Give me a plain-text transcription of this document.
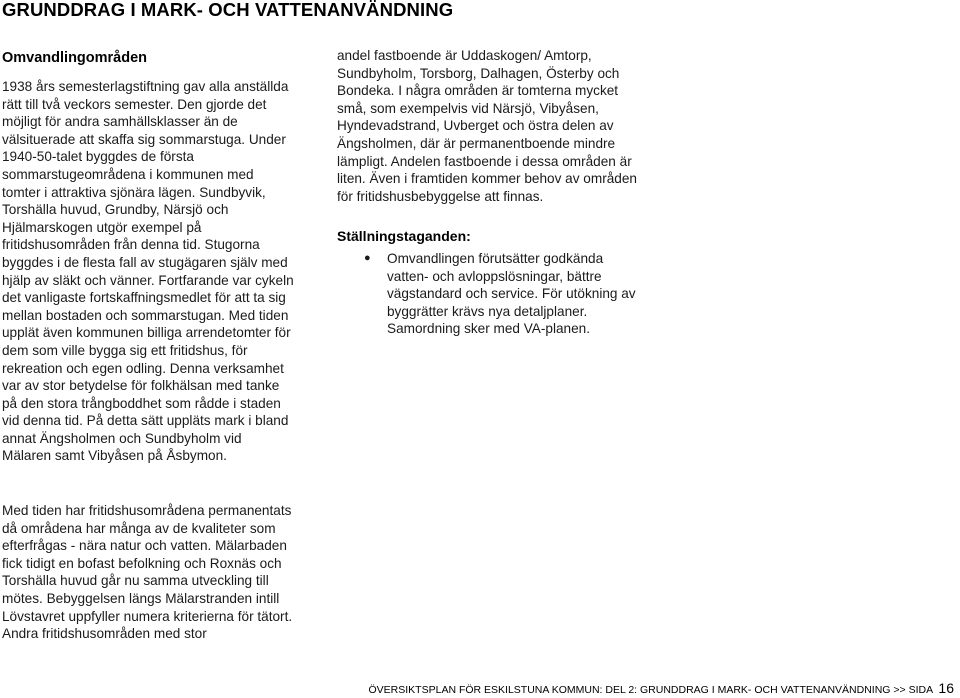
GRUNDDRAG I MARK- OCH VATTENANVÄNDNING
Omvandlingområden

1938 års semesterlagstiftning gav alla anställda rätt till två veckors semester. Den gjorde det möjligt för andra samhällsklasser än de välsituerade att skaffa sig sommarstuga. Under 1940-50-talet byggdes de första sommarstugeområdena i kommunen med tomter i attraktiva sjönära lägen. Sundbyvik, Torshälla huvud, Grundby, Närsjö och Hjälmarskogen utgör exempel på fritidshusområden från denna tid. Stugorna byggdes i de flesta fall av stugägaren själv med hjälp av släkt och vänner. Fortfarande var cykeln det vanligaste fortskaffningsmedlet för att ta sig mellan bostaden och sommarstugan. Med tiden upplät även kommunen billiga arrendetomter för dem som ville bygga sig ett fritidshus, för rekreation och egen odling. Denna verksamhet var av stor betydelse för folkhälsan med tanke på den stora trångboddhet som rådde i staden vid denna tid. På detta sätt uppläts mark i bland annat Ängsholmen och Sundbyholm vid Mälaren samt Vibyåsen på Åsbymon.

Med tiden har fritidshusområdena permanentats då områdena har många av de kvaliteter som efterfrågas - nära natur och vatten. Mälarbaden fick tidigt en bofast befolkning och Roxnäs och Torshälla huvud går nu samma utveckling till mötes. Bebyggelsen längs Mälarstranden intill Lövstavret uppfyller numera kriterierna för tätort. Andra fritidshusområden med stor

andel fastboende är Uddaskogen/ Amtorp, Sundbyholm, Torsborg, Dalhagen, Österby och Bondeka. I några områden är tomterna mycket små, som exempelvis vid Närsjö, Vibyåsen, Hyndevadstrand, Uvberget och östra delen av Ängsholmen, där är permanentboende mindre lämpligt. Andelen fastboende i dessa områden är liten. Även i framtiden kommer behov av områden för fritidshusbebyggelse att finnas.

Ställningstaganden:
● Omvandlingen förutsätter godkända vatten- och avloppslösningar, bättre vägstandard och service. För utökning av byggrätter krävs nya detaljplaner. Samordning sker med VA-planen.
ÖVERSIKTSPLAN FÖR ESKILSTUNA KOMMUN: DEL 2: GRUNDDRAG I MARK- OCH VATTENANVÄNDNING >> SIDA 16
